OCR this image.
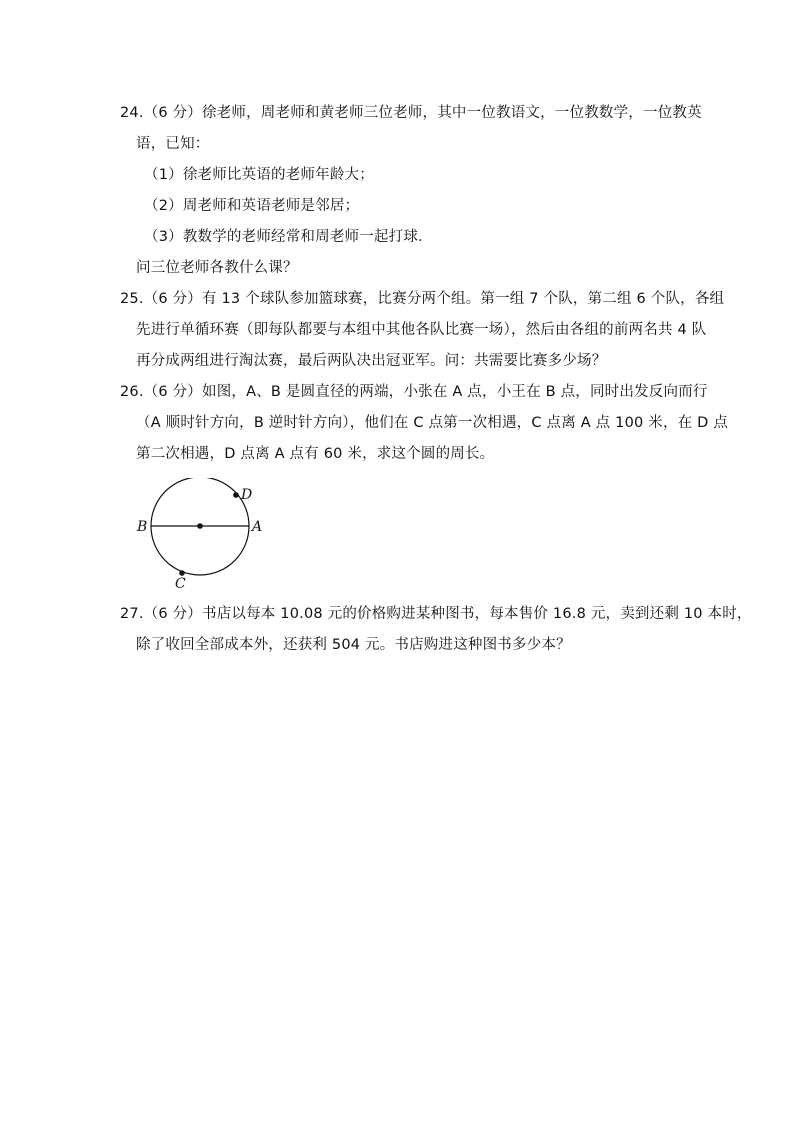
24.（6 分）徐老师，周老师和黄老师三位老师，其中一位教语文，一位教数学，一位教英
语，已知：
（1）徐老师比英语的老师年龄大；
（2）周老师和英语老师是邻居；
（3）教数学的老师经常和周老师一起打球．
问三位老师各教什么课？
25.（6 分）有 13 个球队参加篮球赛，比赛分两个组。第一组 7 个队，第二组 6 个队，各组
先进行单循环赛（即每队都要与本组中其他各队比赛一场），然后由各组的前两名共 4 队
再分成两组进行淘汰赛，最后两队决出冠亚军。问：共需要比赛多少场？
26.（6 分）如图，A、B 是圆直径的两端，小张在 A 点，小王在 B 点，同时出发反向而行
（A 顺时针方向，B 逆时针方向），他们在 C 点第一次相遇，C 点离 A 点 100 米，在 D 点
第二次相遇，D 点离 A 点有 60 米，求这个圆的周长。
D
B	A
C
27.（6 分）书店以每本 10.08 元的价格购进某种图书，每本售价 16.8 元，卖到还剩 10 本时，
除了收回全部成本外，还获利 504 元。书店购进这种图书多少本？
